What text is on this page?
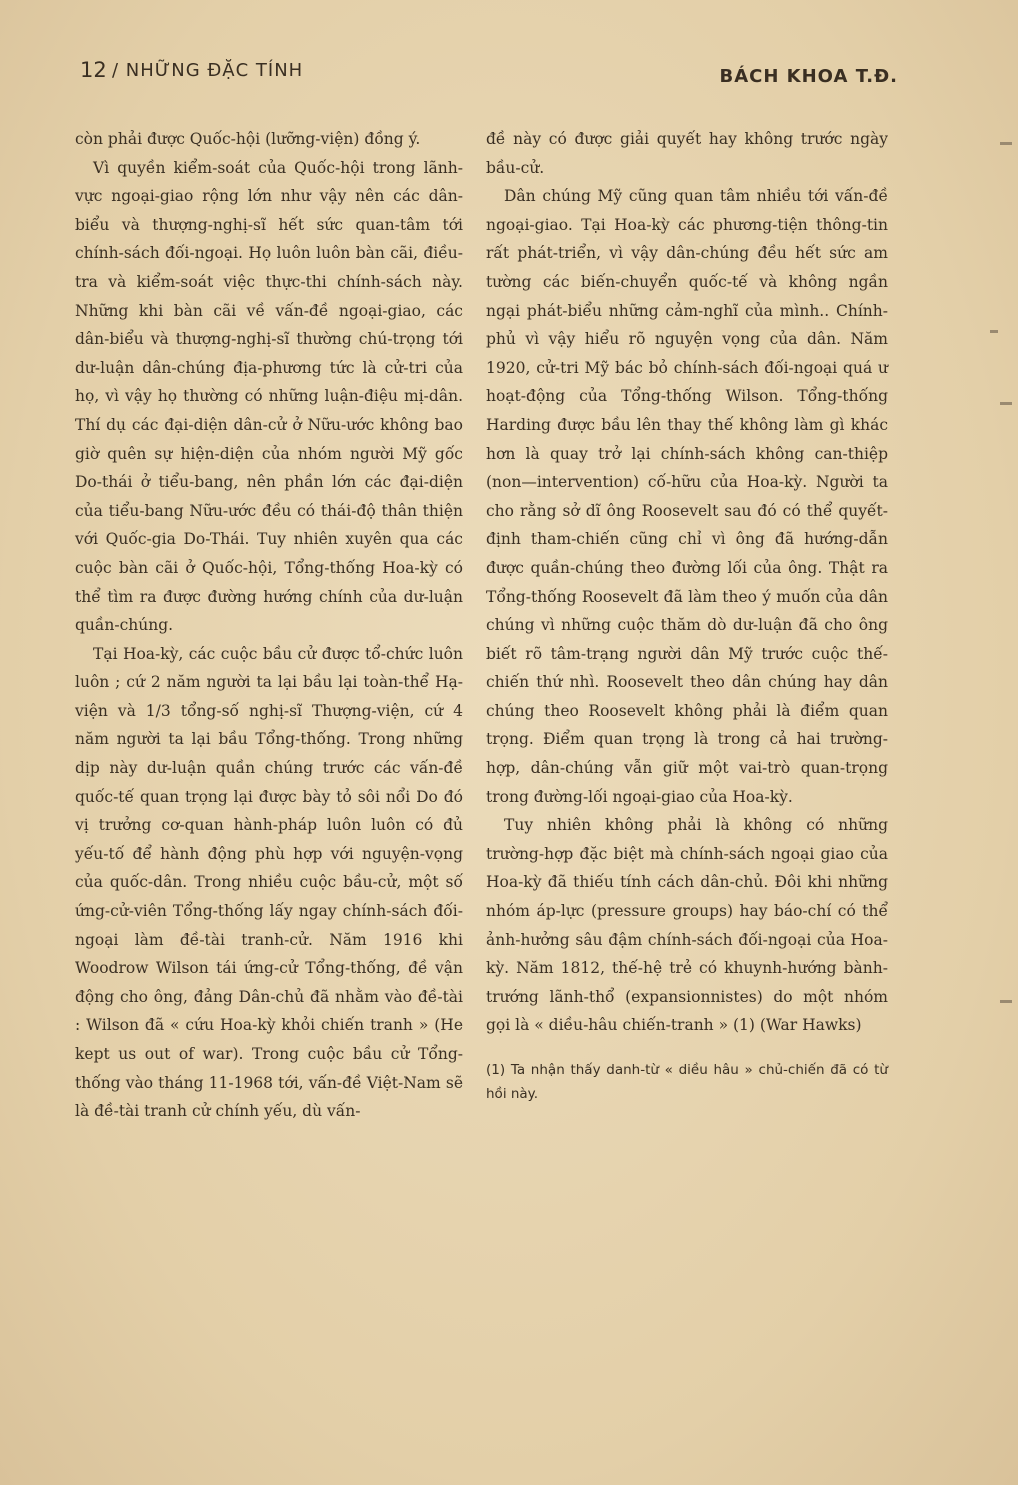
12 / NHỮNG ĐẶC TÍNH	BÁCH KHOA T.Đ.

còn phải được Quốc-hội (lưỡng-viện) đồng ý.

Vì quyền kiểm-soát của Quốc-hội trong lãnh-vực ngoại-giao rộng lớn như vậy nên các dân-biểu và thượng-nghị-sĩ hết sức quan-tâm tới chính-sách đối-ngoại. Họ luôn luôn bàn cãi, điều-tra và kiểm-soát việc thực-thi chính-sách này. Những khi bàn cãi về vấn-đề ngoại-giao, các dân-biểu và thượng-nghị-sĩ thường chú-trọng tới dư-luận dân-chúng địa-phương tức là cử-tri của họ, vì vậy họ thường có những luận-điệu mị-dân. Thí dụ các đại-diện dân-cử ở Nữu-ước không bao giờ quên sự hiện-diện của nhóm người Mỹ gốc Do-thái ở tiểu-bang, nên phần lớn các đại-diện của tiểu-bang Nữu-ước đều có thái-độ thân thiện với Quốc-gia Do-Thái. Tuy nhiên xuyên qua các cuộc bàn cãi ở Quốc-hội, Tổng-thống Hoa-kỳ có thể tìm ra được đường hướng chính của dư-luận quần-chúng.

Tại Hoa-kỳ, các cuộc bầu cử được tổ-chức luôn luôn ; cứ 2 năm người ta lại bầu lại toàn-thể Hạ-viện và 1/3 tổng-số nghị-sĩ Thượng-viện, cứ 4 năm người ta lại bầu Tổng-thống. Trong những dịp này dư-luận quần chúng trước các vấn-đề quốc-tế quan trọng lại được bày tỏ sôi nổi Do đó vị trưởng cơ-quan hành-pháp luôn luôn có đủ yếu-tố để hành động phù hợp với nguyện-vọng của quốc-dân. Trong nhiều cuộc bầu-cử, một số ứng-cử-viên Tổng-thống lấy ngay chính-sách đối-ngoại làm đề-tài tranh-cử. Năm 1916 khi Woodrow Wilson tái ứng-cử Tổng-thống, đề vận động cho ông, đảng Dân-chủ đã nhằm vào đề-tài : Wilson đã « cứu Hoa-kỳ khỏi chiến tranh » (He kept us out of war). Trong cuộc bầu cử Tổng-thống vào tháng 11-1968 tới, vấn-đề Việt-Nam sẽ là đề-tài tranh cử chính yếu, dù vấn-

đề này có được giải quyết hay không trước ngày bầu-cử.

Dân chúng Mỹ cũng quan tâm nhiều tới vấn-đề ngoại-giao. Tại Hoa-kỳ các phương-tiện thông-tin rất phát-triển, vì vậy dân-chúng đều hết sức am tường các biến-chuyển quốc-tế và không ngần ngại phát-biểu những cảm-nghĩ của mình.. Chính-phủ vì vậy hiểu rõ nguyện vọng của dân. Năm 1920, cử-tri Mỹ bác bỏ chính-sách đối-ngoại quá ư hoạt-động của Tổng-thống Wilson. Tổng-thống Harding được bầu lên thay thế không làm gì khác hơn là quay trở lại chính-sách không can-thiệp (non—intervention) cố-hữu của Hoa-kỳ. Người ta cho rằng sở dĩ ông Roosevelt sau đó có thể quyết-định tham-chiến cũng chỉ vì ông đã hướng-dẫn được quần-chúng theo đường lối của ông. Thật ra Tổng-thống Roosevelt đã làm theo ý muốn của dân chúng vì những cuộc thăm dò dư-luận đã cho ông biết rõ tâm-trạng người dân Mỹ trước cuộc thế-chiến thứ nhì. Roosevelt theo dân chúng hay dân chúng theo Roosevelt không phải là điểm quan trọng. Điểm quan trọng là trong cả hai trường-hợp, dân-chúng vẫn giữ một vai-trò quan-trọng trong đường-lối ngoại-giao của Hoa-kỳ.

Tuy nhiên không phải là không có những trường-hợp đặc biệt mà chính-sách ngoại giao của Hoa-kỳ đã thiếu tính cách dân-chủ. Đôi khi những nhóm áp-lực (pressure groups) hay báo-chí có thể ảnh-hưởng sâu đậm chính-sách đối-ngoại của Hoa-kỳ. Năm 1812, thế-hệ trẻ có khuynh-hướng bành-trướng lãnh-thổ (expansionnistes) do một nhóm gọi là « diều-hâu chiến-tranh » (1) (War Hawks)

(1) Ta nhận thấy danh-từ « diều hâu » chủ-chiến đã có từ hồi này.
